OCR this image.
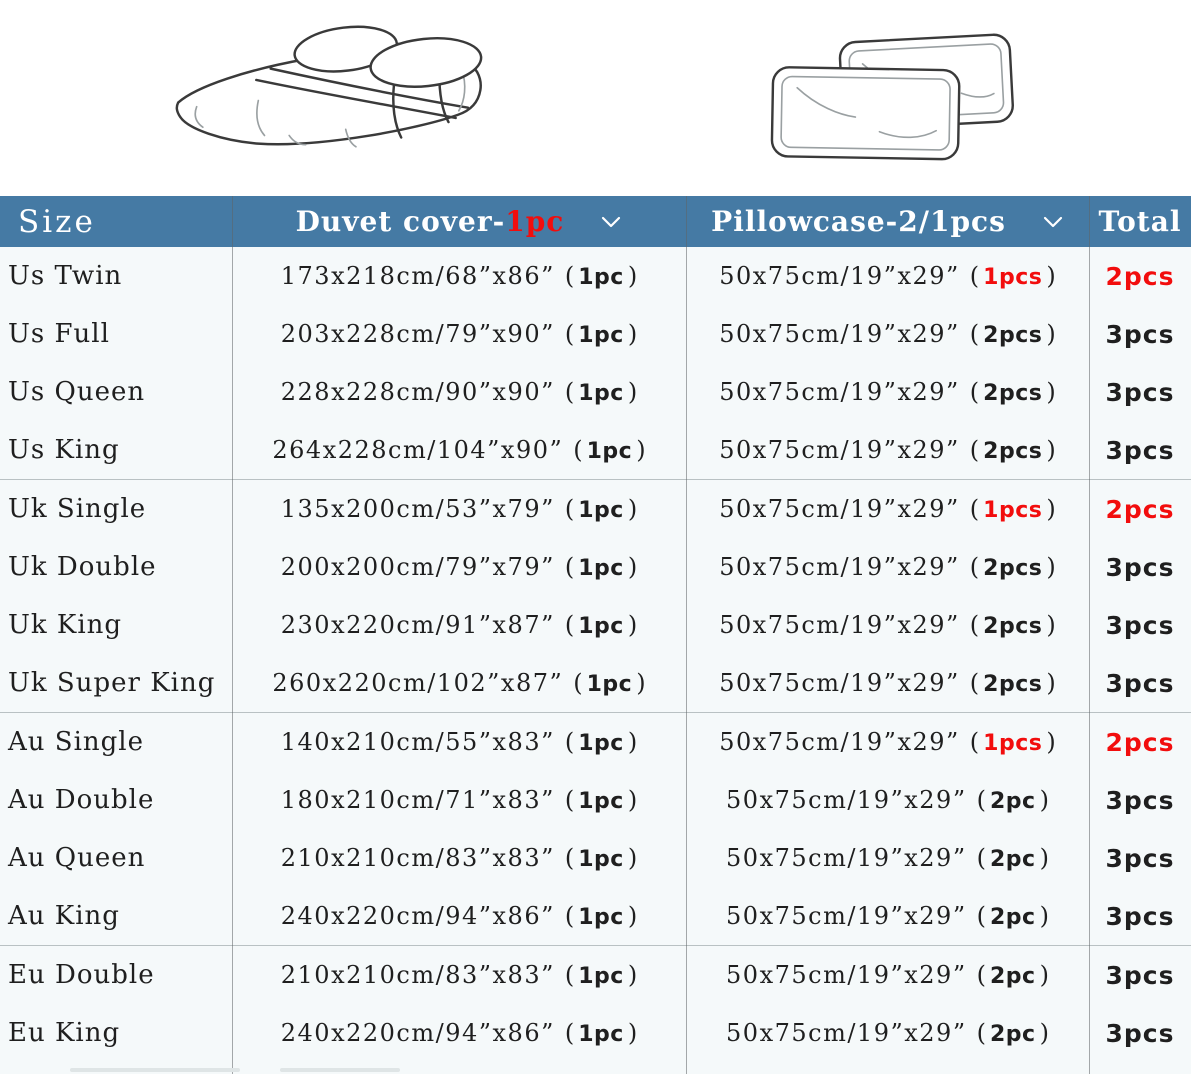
Size	Duvet cover- 1pc	Pillowcase-2/1pcs	Total
Us Twin	173x218cm/68”x86” ( 1pc )	50x75cm/19”x29” ( 1pcs )	2pcs
Us Full	203x228cm/79”x90” ( 1pc )	50x75cm/19”x29” ( 2pcs )	3pcs
Us Queen	228x228cm/90”x90” ( 1pc )	50x75cm/19”x29” ( 2pcs )	3pcs
Us King	264x228cm/104”x90” ( 1pc )	50x75cm/19”x29” ( 2pcs )	3pcs
Uk Single	135x200cm/53”x79” ( 1pc )	50x75cm/19”x29” ( 1pcs )	2pcs
Uk Double	200x200cm/79”x79” ( 1pc )	50x75cm/19”x29” ( 2pcs )	3pcs
Uk King	230x220cm/91”x87” ( 1pc )	50x75cm/19”x29” ( 2pcs )	3pcs
Uk Super King	260x220cm/102”x87” ( 1pc )	50x75cm/19”x29” ( 2pcs )	3pcs
Au Single	140x210cm/55”x83” ( 1pc )	50x75cm/19”x29” ( 1pcs )	2pcs
Au Double	180x210cm/71”x83” ( 1pc )	50x75cm/19”x29” ( 2pc )	3pcs
Au Queen	210x210cm/83”x83” ( 1pc )	50x75cm/19”x29” ( 2pc )	3pcs
Au King	240x220cm/94”x86” ( 1pc )	50x75cm/19”x29” ( 2pc )	3pcs
Eu Double	210x210cm/83”x83” ( 1pc )	50x75cm/19”x29” ( 2pc )	3pcs
Eu King	240x220cm/94”x86” ( 1pc )	50x75cm/19”x29” ( 2pc )	3pcs
